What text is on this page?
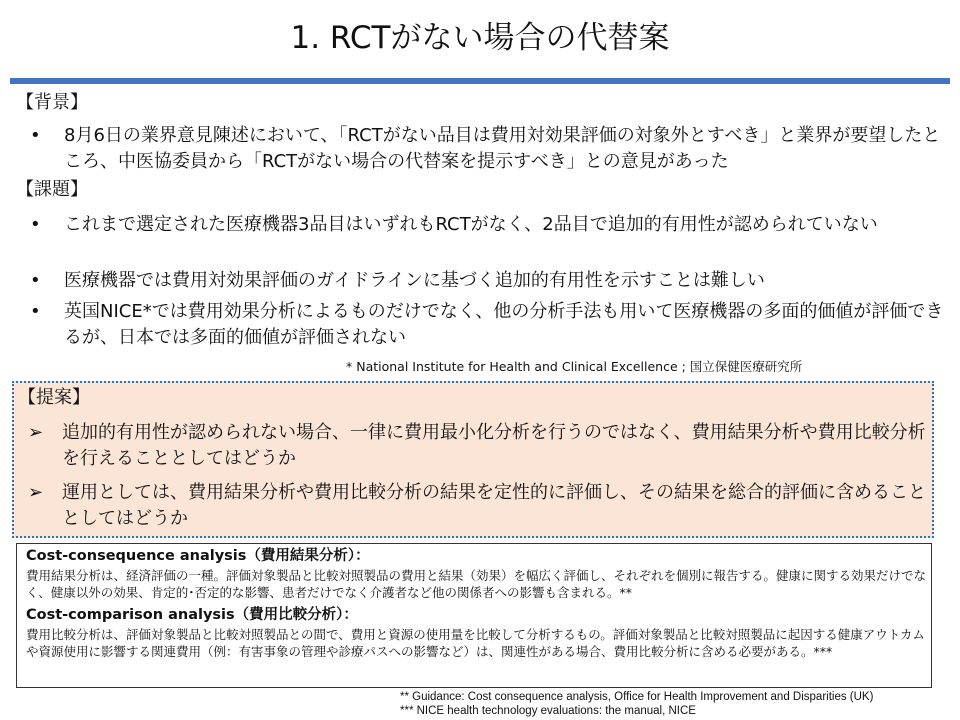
1. RCTがない場合の代替案
【背景】
•	8月6日の業界意見陳述において、「RCTがない品目は費用対効果評価の対象外とすべき」と業界が要望したところ、中医協委員から「RCTがない場合の代替案を提示すべき」との意見があった
【課題】
•	これまで選定された医療機器3品目はいずれもRCTがなく、2品目で追加的有用性が認められていない
•	医療機器では費用対効果評価のガイドラインに基づく追加的有用性を示すことは難しい
•	英国NICE*では費用効果分析によるものだけでなく、他の分析手法も用いて医療機器の多面的価値が評価できるが、日本では多面的価値が評価されない
* National Institute for Health and Clinical Excellence ; 国立保健医療研究所
【提案】
➢ 追加的有用性が認められない場合、一律に費用最小化分析を行うのではなく、費用結果分析や費用比較分析を行えることとしてはどうか
➢ 運用としては、費用結果分析や費用比較分析の結果を定性的に評価し、その結果を総合的評価に含めることとしてはどうか
Cost-consequence analysis（費用結果分析）：
費用結果分析は、経済評価の一種。評価対象製品と比較対照製品の費用と結果（効果）を幅広く評価し、それぞれを個別に報告する。健康に関する効果だけでなく、健康以外の効果、肯定的･否定的な影響、患者だけでなく介護者など他の関係者への影響も含まれる。**
Cost-comparison analysis（費用比較分析）：
費用比較分析は、評価対象製品と比較対照製品との間で、費用と資源の使用量を比較して分析するもの。評価対象製品と比較対照製品に起因する健康アウトカムや資源使用に影響する関連費用（例：有害事象の管理や診療パスへの影響など）は、関連性がある場合、費用比較分析に含める必要がある。***
** Guidance: Cost consequence analysis, Office for Health Improvement and Disparities (UK)
*** NICE health technology evaluations: the manual, NICE
